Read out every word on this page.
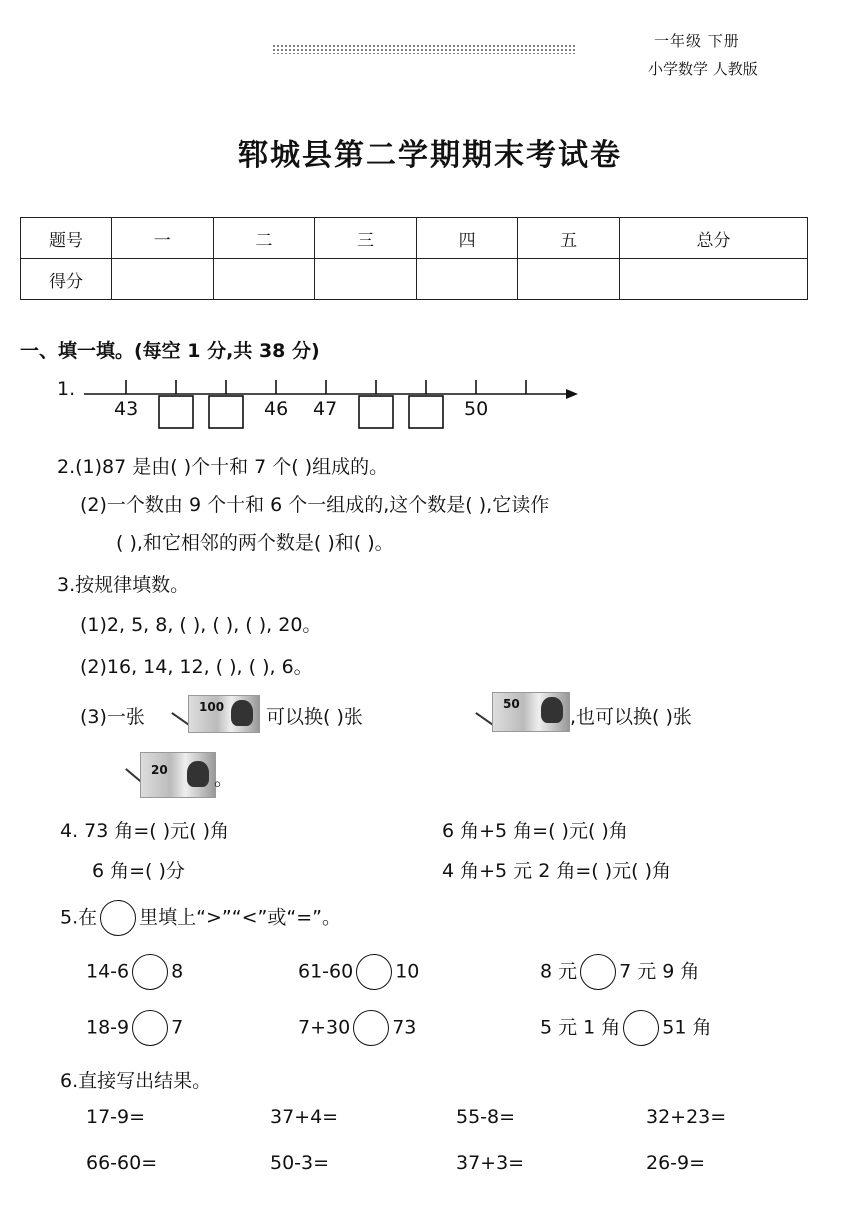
一年级 下册
小学数学 人教版
郓城县第二学期期末考试卷
题号	一	二	三	四	五	总分
得分						
一、填一填。(每空 1 分,共 38 分)
1.
43	46 47	50
2.(1)87 是由( )个十和 7 个( )组成的。
(2)一个数由 9 个十和 6 个一组成的,这个数是( ),它读作
( ),和它相邻的两个数是( )和( )。
3.按规律填数。
(1)2, 5, 8, ( ), ( ), ( ), 20。
(2)16, 14, 12, ( ), ( ), 6。
(3)一张	100 可以换( )张
50
,也可以换( )张
20 。
4. 73 角=( )元( )角	6 角+5 角=( )元( )角
6 角=( )分	4 角+5 元 2 角=( )元( )角
5.在 里填上“>”“<”或“=”。
14-6 8	61-60 10	8 元 7 元 9 角
18-9 7	7+30 73	5 元 1 角 51 角
6.直接写出结果。
17-9=	37+4=	55-8=	32+23=
66-60=	50-3=	37+3=	26-9=
